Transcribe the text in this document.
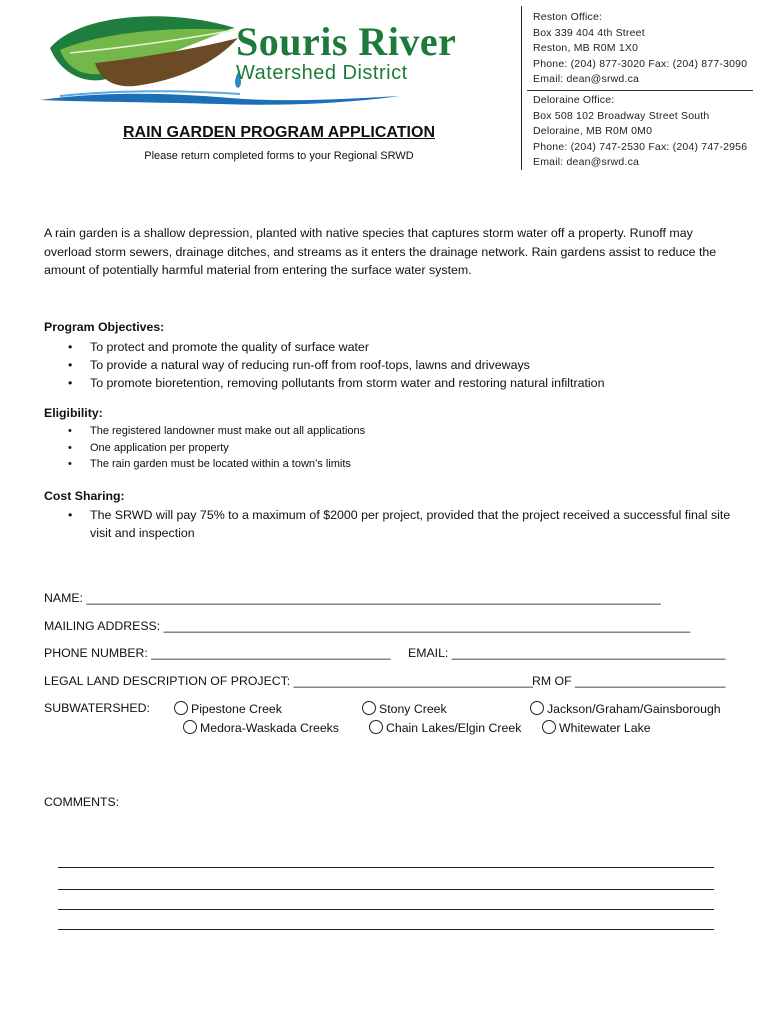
Souris River
Watershed District
RAIN GARDEN PROGRAM APPLICATION
Please return completed forms to your Regional SRWD
Reston Office:
Box 339 404 4th Street
Reston, MB R0M 1X0
Phone: (204) 877-3020 Fax: (204) 877-3090
Email: dean@srwd.ca
Deloraine Office:
Box 508 102 Broadway Street South
Deloraine, MB R0M 0M0
Phone: (204) 747-2530 Fax: (204) 747-2956
Email: dean@srwd.ca
A rain garden is a shallow depression, planted with native species that captures storm water off a property. Runoff may overload storm sewers, drainage ditches, and streams as it enters the drainage network. Rain gardens assist to reduce the amount of potentially harmful material from entering the surface water system.
Program Objectives:
• To protect and promote the quality of surface water
• To provide a natural way of reducing run-off from roof-tops, lawns and driveways
• To promote bioretention, removing pollutants from storm water and restoring natural infiltration
Eligibility:
• The registered landowner must make out all applications
• One application per property
• The rain garden must be located within a town’s limits
Cost Sharing:
• The SRWD will pay 75% to a maximum of $2000 per project, provided that the project received a successful final site visit and inspection
NAME: ____________________________________________________________________________________
MAILING ADDRESS: _____________________________________________________________________________
PHONE NUMBER: ___________________________________ EMAIL: ________________________________________
LEGAL LAND DESCRIPTION OF PROJECT: ___________________________________ RM OF ______________________
SUBWATERSHED:	Pipestone Creek	Stony Creek	Jackson/Graham/Gainsborough
Medora-Waskada Creeks	Chain Lakes/Elgin Creek	Whitewater Lake
COMMENTS:
